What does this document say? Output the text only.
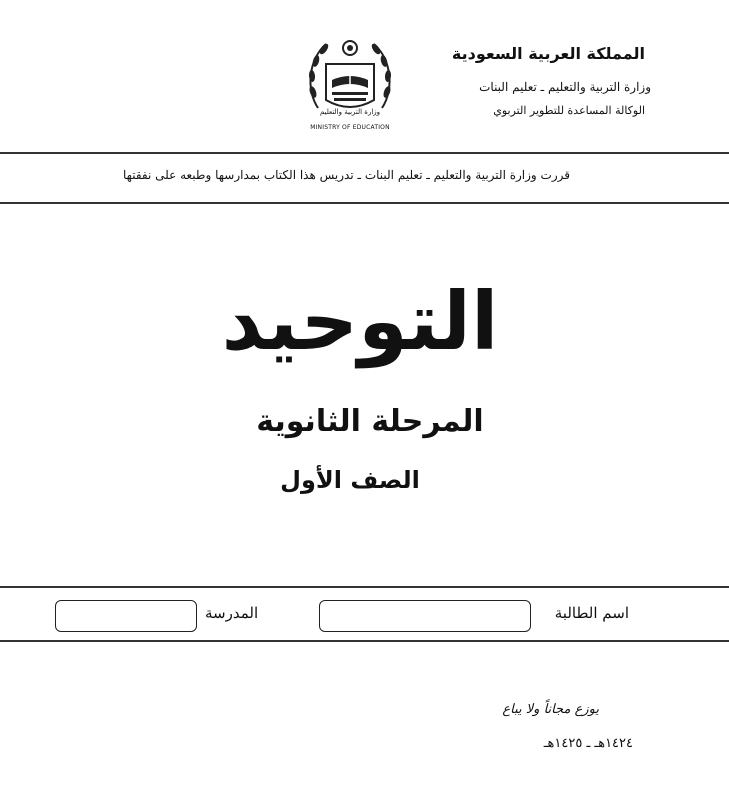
المملكة العربية السعودية
وزارة التربية والتعليم ـ تعليم البنات
الوكالة المساعدة للتطوير التربوي
وزارة التربية والتعليم
MINISTRY OF EDUCATION
قررت وزارة التربية والتعليم ـ تعليم البنات ـ تدريس هذا الكتاب بمدارسها وطبعه على نفقتها
التوحيد
المرحلة الثانوية
الصف الأول
اسم الطالبة
المدرسة
يوزع مجاناً ولا يباع
١٤٢٤هـ ـ ١٤٢٥هـ
